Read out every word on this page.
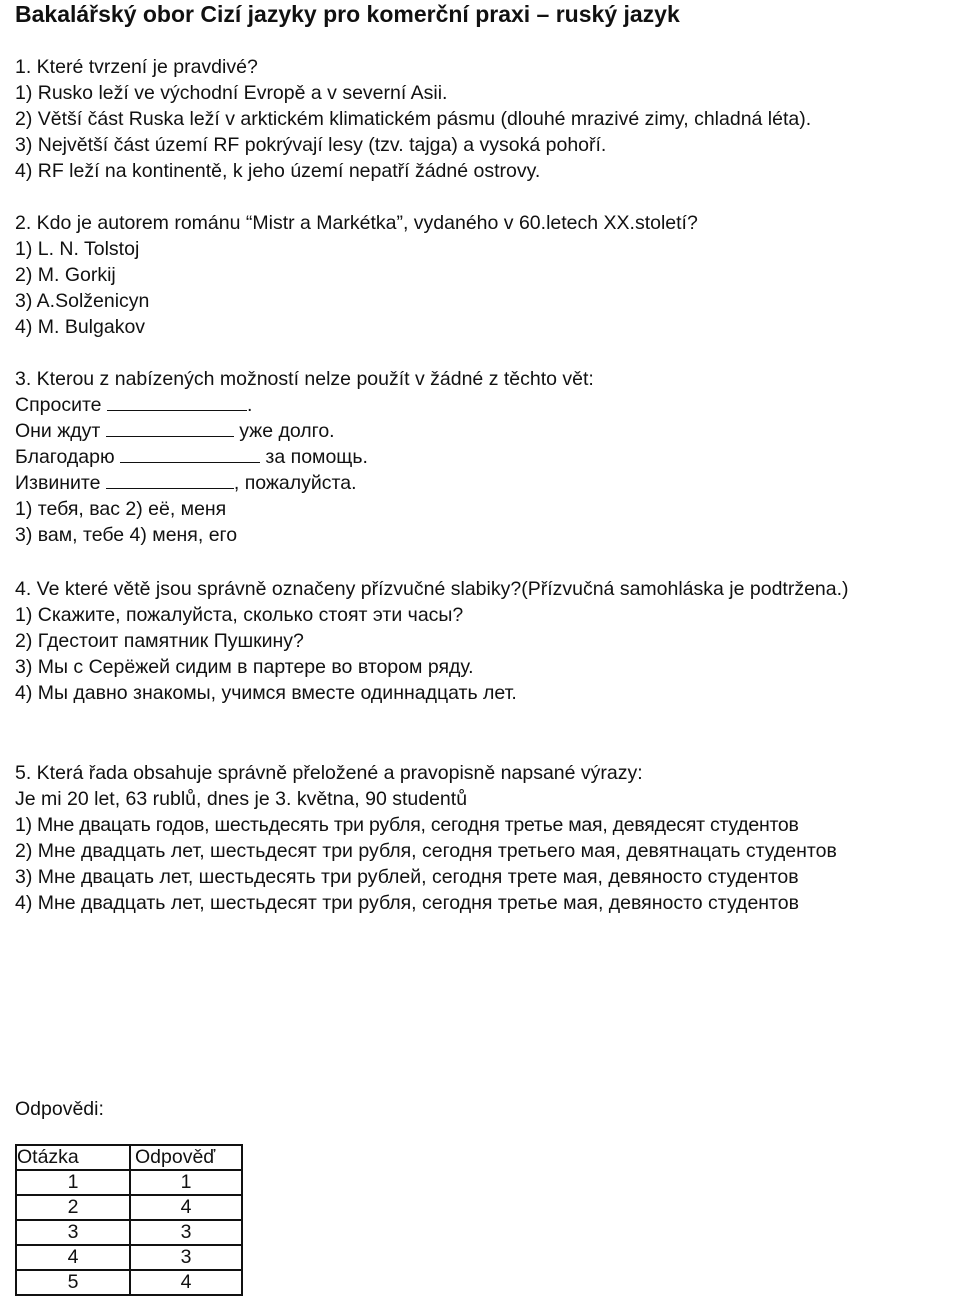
Bakalářský obor Cizí jazyky pro komerční praxi – ruský jazyk
1. Které tvrzení je pravdivé?
1) Rusko leží ve východní Evropě a v severní Asii.
2) Větší část Ruska leží v arktickém klimatickém pásmu (dlouhé mrazivé zimy, chladná léta).
3) Největší část území RF pokrývají lesy (tzv. tajga) a vysoká pohoří.
4) RF leží na kontinentě, k jeho území nepatří žádné ostrovy.
2. Kdo je autorem románu “Mistr a Markétka”, vydaného v 60.letech XX.století?
1) L. N. Tolstoj
2) M. Gorkij
3) A.Solženicyn
4) M. Bulgakov
3. Kterou z nabízených možností nelze použít v žádné z těchto vět:
Спросите	.
Они ждут	уже долго.
Благодарю	за помощь.
Извините	, пожалуйста.
1) тебя, вас 2) её, меня
3) вам, тебе 4) меня, его
4. Ve které větě jsou správně označeny přízvučné slabiky?(Přízvučná samohláska je podtržena.)
1) Скажите, пожалуйста, сколько стоят эти часы?
2) Гдестоит памятник Пушкину?
3) Мы с Серёжей сидим в партере во втором ряду.
4) Мы давно знакомы, учимся вместе одиннадцать лет.
5. Která řada obsahuje správně přeložené a pravopisně napsané výrazy:
Je mi 20 let, 63 rublů, dnes je 3. května, 90 studentů
1) Мне двацать годов, шестьдесять три рубля, сегодня третье мая, девядесят студентов
2) Мне двадцать лет, шестьдесят три рубля, сегодня третьего мая, девятнацать студентов
3) Мне двацать лет, шестьдесять три рублей, сегодня трете мая, девяносто студентов
4) Мне двадцать лет, шестьдесят три рубля, сегодня третье мая, девяносто студентов
Odpovědi:
Otázka	Odpověď
1	1
2	4
3	3
4	3
5	4
